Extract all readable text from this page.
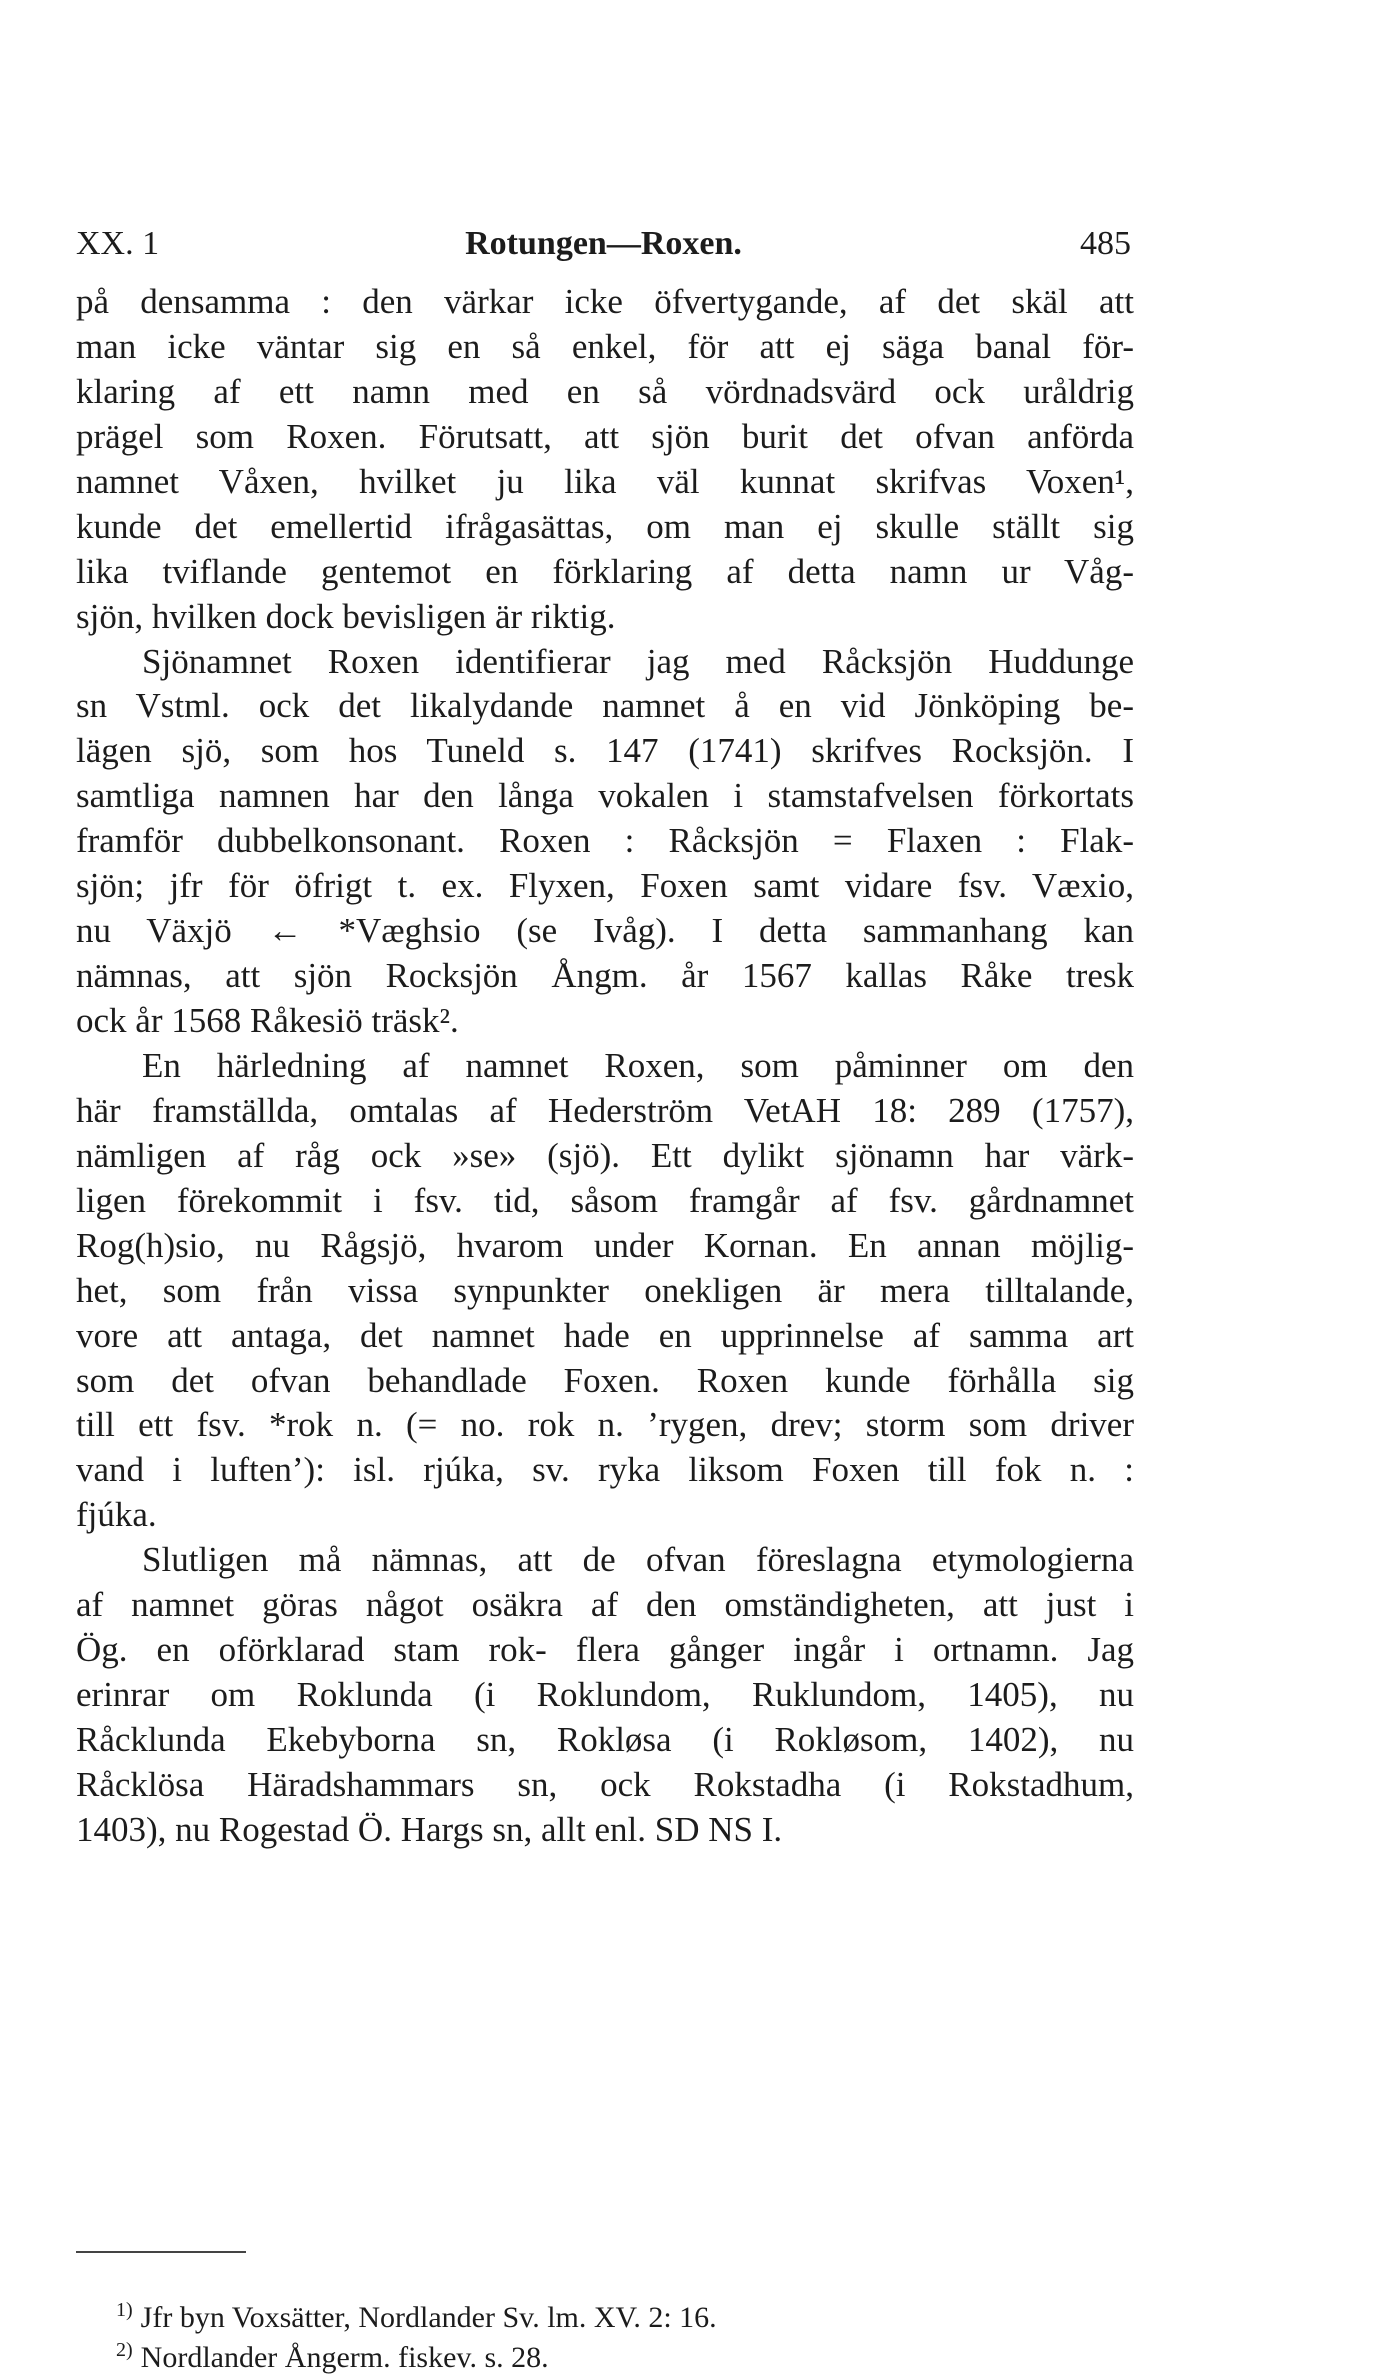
XX. 1	Rotungen—Roxen.	485
på densamma : den värkar icke öfvertygande, af det skäl att
man icke väntar sig en så enkel, för att ej säga banal för-
klaring af ett namn med en så vördnadsvärd ock uråldrig
prägel som Roxen. Förutsatt, att sjön burit det ofvan anförda
namnet Våxen, hvilket ju lika väl kunnat skrifvas Voxen¹,
kunde det emellertid ifrågasättas, om man ej skulle ställt sig
lika tviflande gentemot en förklaring af detta namn ur Våg-
sjön, hvilken dock bevisligen är riktig.
Sjönamnet Roxen identifierar jag med Råcksjön Huddunge
sn Vstml. ock det likalydande namnet å en vid Jönköping be-
lägen sjö, som hos Tuneld s. 147 (1741) skrifves Rocksjön. I
samtliga namnen har den långa vokalen i stamstafvelsen förkortats
framför dubbelkonsonant. Roxen : Råcksjön = Flaxen : Flak-
sjön; jfr för öfrigt t. ex. Flyxen, Foxen samt vidare fsv. Væxio,
nu Växjö ← *Væghsio (se Ivåg). I detta sammanhang kan
nämnas, att sjön Rocksjön Ångm. år 1567 kallas Råke tresk
ock år 1568 Råkesiö träsk².
En härledning af namnet Roxen, som påminner om den
här framställda, omtalas af Hederström VetAH 18: 289 (1757),
nämligen af råg ock »se» (sjö). Ett dylikt sjönamn har värk-
ligen förekommit i fsv. tid, såsom framgår af fsv. gårdnamnet
Rog(h)sio, nu Rågsjö, hvarom under Kornan. En annan möjlig-
het, som från vissa synpunkter onekligen är mera tilltalande,
vore att antaga, det namnet hade en upprinnelse af samma art
som det ofvan behandlade Foxen. Roxen kunde förhålla sig
till ett fsv. *rok n. (= no. rok n. ’rygen, drev; storm som driver
vand i luften’): isl. rjúka, sv. ryka liksom Foxen till fok n. :
fjúka.
Slutligen må nämnas, att de ofvan föreslagna etymologierna
af namnet göras något osäkra af den omständigheten, att just i
Ög. en oförklarad stam rok- flera gånger ingår i ortnamn. Jag
erinrar om Roklunda (i Roklundom, Ruklundom, 1405), nu
Råcklunda Ekebyborna sn, Rokløsa (i Rokløsom, 1402), nu
Råcklösa Häradshammars sn, ock Rokstadha (i Rokstadhum,
1403), nu Rogestad Ö. Hargs sn, allt enl. SD NS I.
$^{1)}$ Jfr byn Voxsätter, Nordlander Sv. lm. XV. 2: 16.
$^{2)}$ Nordlander Ångerm. fiskev. s. 28.
